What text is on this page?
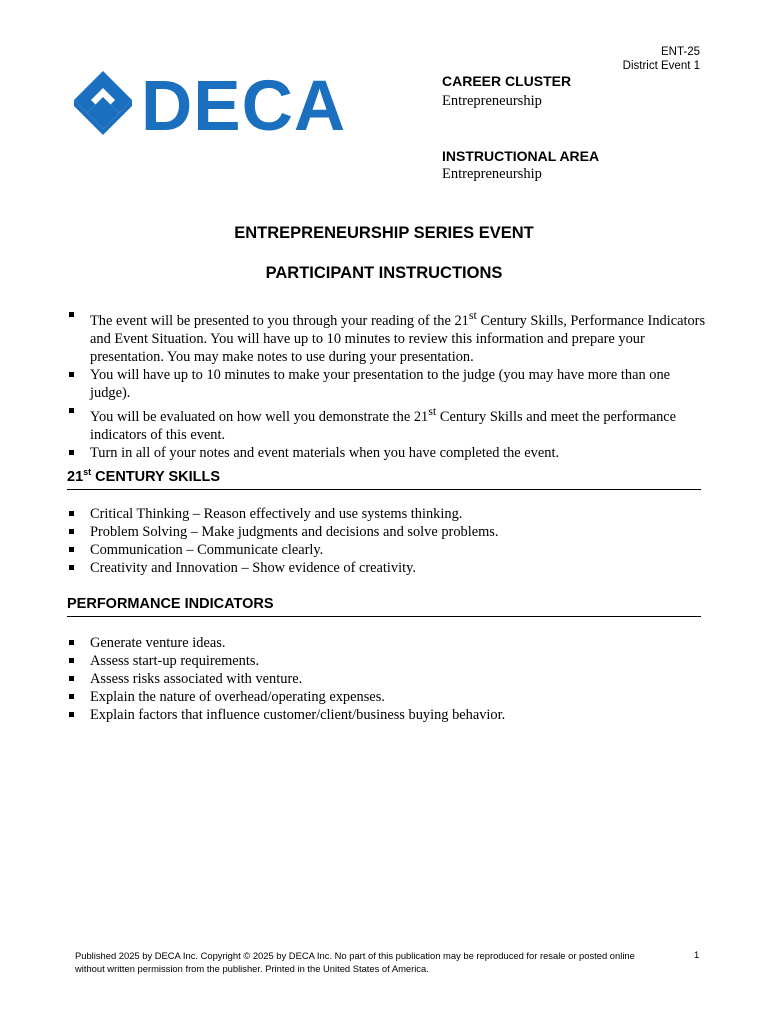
ENT-25
District Event 1
DECA	CAREER CLUSTER
Entrepreneurship
INSTRUCTIONAL AREA
Entrepreneurship
ENTREPRENEURSHIP SERIES EVENT
PARTICIPANT INSTRUCTIONS
The event will be presented to you through your reading of the 21st Century Skills, Performance Indicators and Event Situation. You will have up to 10 minutes to review this information and prepare your presentation. You may make notes to use during your presentation.
You will have up to 10 minutes to make your presentation to the judge (you may have more than one judge).
You will be evaluated on how well you demonstrate the 21st Century Skills and meet the performance indicators of this event.
Turn in all of your notes and event materials when you have completed the event.
21st CENTURY SKILLS
Critical Thinking – Reason effectively and use systems thinking.
Problem Solving – Make judgments and decisions and solve problems.
Communication – Communicate clearly.
Creativity and Innovation – Show evidence of creativity.
PERFORMANCE INDICATORS
Generate venture ideas.
Assess start-up requirements.
Assess risks associated with venture.
Explain the nature of overhead/operating expenses.
Explain factors that influence customer/client/business buying behavior.
Published 2025 by DECA Inc. Copyright © 2025 by DECA Inc. No part of this publication may be reproduced for resale or posted online without written permission from the publisher. Printed in the United States of America.
1
